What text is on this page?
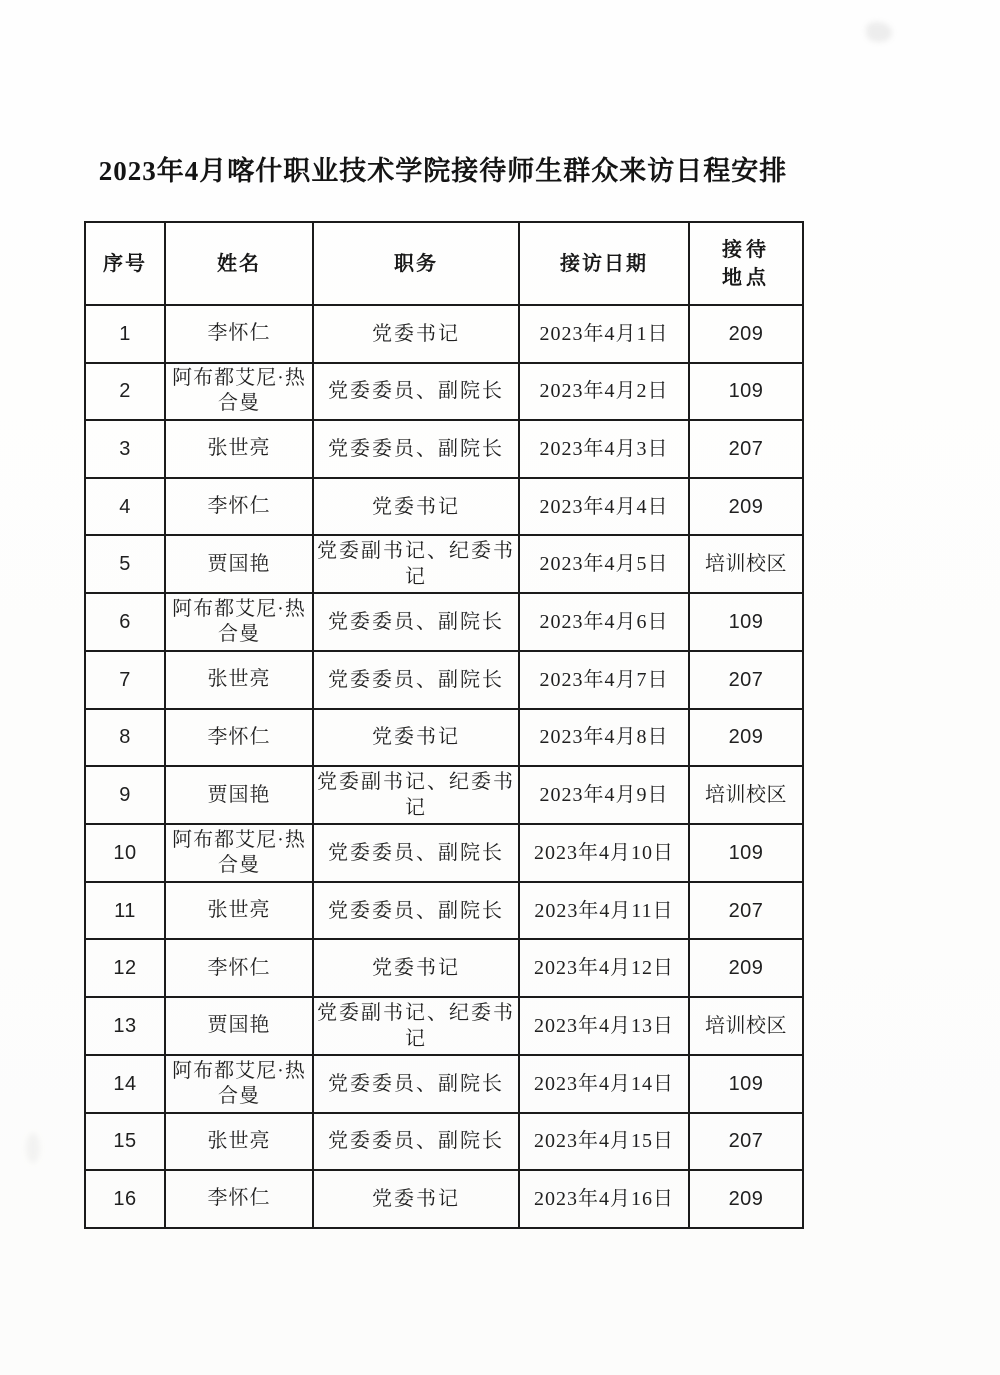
2023年4月喀什职业技术学院接待师生群众来访日程安排
序号	姓名	职务	接访日期	接待地点
1	李怀仁	党委书记	2023年4月1日	209
2	阿布都艾尼·热合曼	党委委员、副院长	2023年4月2日	109
3	张世亮	党委委员、副院长	2023年4月3日	207
4	李怀仁	党委书记	2023年4月4日	209
5	贾国艳	党委副书记、纪委书记	2023年4月5日	培训校区
6	阿布都艾尼·热合曼	党委委员、副院长	2023年4月6日	109
7	张世亮	党委委员、副院长	2023年4月7日	207
8	李怀仁	党委书记	2023年4月8日	209
9	贾国艳	党委副书记、纪委书记	2023年4月9日	培训校区
10	阿布都艾尼·热合曼	党委委员、副院长	2023年4月10日	109
11	张世亮	党委委员、副院长	2023年4月11日	207
12	李怀仁	党委书记	2023年4月12日	209
13	贾国艳	党委副书记、纪委书记	2023年4月13日	培训校区
14	阿布都艾尼·热合曼	党委委员、副院长	2023年4月14日	109
15	张世亮	党委委员、副院长	2023年4月15日	207
16	李怀仁	党委书记	2023年4月16日	209
